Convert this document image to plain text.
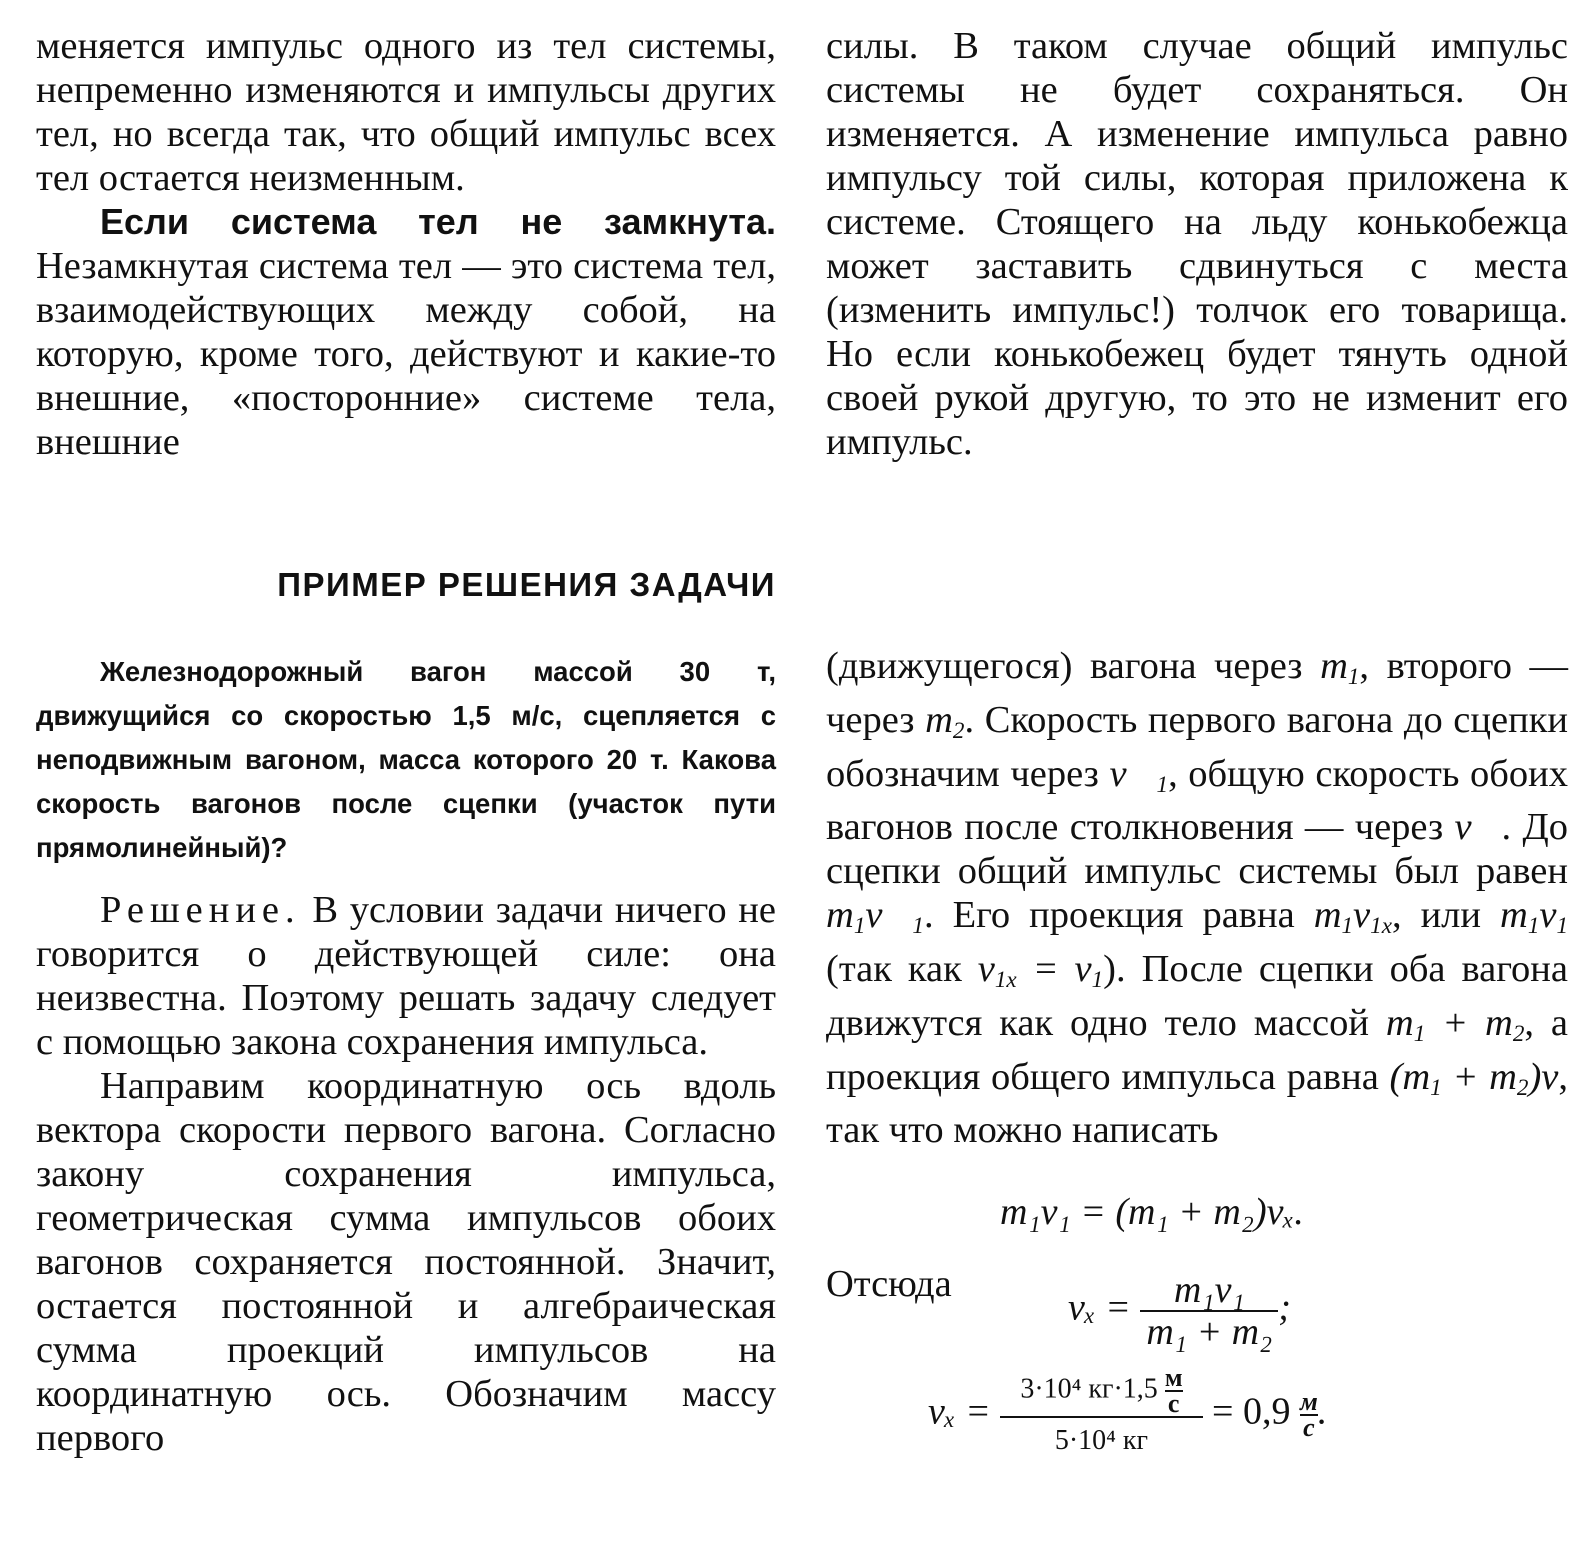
меняется импульс одного из тел системы, непременно изменяются и импульсы других тел, но всегда так, что общий импульс всех тел остается неизменным.

Если система тел не замкнута. Незамкнутая система тел — это система тел, взаимодействующих между собой, на которую, кроме того, действуют и какие-то внешние, «посторонние» системе тела, внешние

силы. В таком случае общий импульс системы не будет сохраняться. Он изменяется. А изменение импульса равно импульсу той силы, которая приложена к системе. Стоящего на льду конькобежца может заставить сдвинуться с места (изменить импульс!) толчок его товарища. Но если конькобежец будет тянуть одной своей рукой другую, то это не изменит его импульс.

ПРИМЕР РЕШЕНИЯ ЗАДАЧИ

Железнодорожный вагон массой 30 т, движущийся со скоростью 1,5 м/с, сцепляется с неподвижным вагоном, масса которого 20 т. Какова скорость вагонов после сцепки (участок пути прямолинейный)?

Решение. В условии задачи ничего не говорится о действующей силе: она неизвестна. Поэтому решать задачу следует с помощью закона сохранения импульса.

Направим координатную ось вдоль вектора скорости первого вагона. Согласно закону сохранения импульса, геометрическая сумма импульсов обоих вагонов сохраняется постоянной. Значит, остается постоянной и алгебраическая сумма проекций импульсов на координатную ось. Обозначим массу первого

(движущегося) вагона через $m_1$, второго — через $m_2$. Скорость первого вагона до сцепки обозначим через $v⃗_1$, общую скорость обоих вагонов после столкновения — через v⃗. До сцепки общий импульс системы был равен $m_1v⃗_1$. Его проекция равна $m_1v_{1x}$, или $m_1v_1$ (так как $v_{1x} = v_1$). После сцепки оба вагона движутся как одно тело массой $m_1 + m_2$, а проекция общего импульса равна $(m_1 + m_2)v$, так что можно написать

m₁v₁ = (m₁ + m₂)vₓ.
Отсюда
$v_x = \frac{\text{m₁v₁}}{\text{m₁ + m₂}}$ ;
vₓ = 3·10⁴ кг·1,5 м
с
5·10⁴ кг = 0,9 м
с .
